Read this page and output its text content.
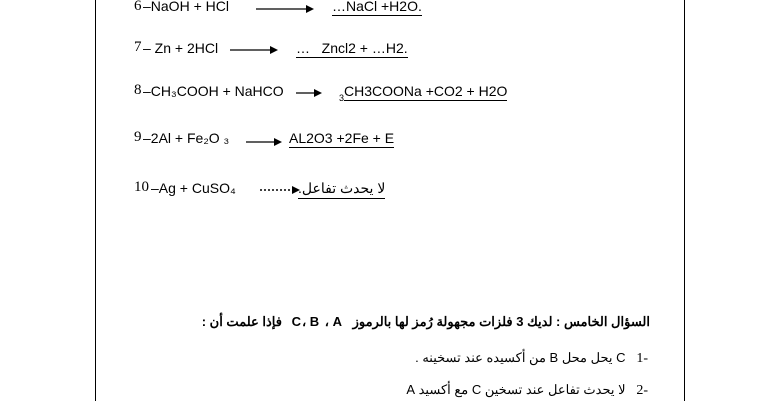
6 –NaOH + HCl	…NaCl +H2O.
7 – Zn + 2HCl	… Zncl2 + …H2.
8 –CH₃COOH + NaHCO	$_3$CH3COONa +CO2 + H2O
9 –2Al + Fe₂O ₃	AL2O3 +2Fe + E
10 –Ag + CuSO₄	لا يحدث تفاعل.
السؤال الخامس : لديك 3 فلزات مجهولة رُمز لها بالرموز C، B ، A فإذا علمت أن :
-1   C يحل محل B من أكسيده عند تسخينه .
-2   لا يحدث تفاعل عند تسخين C مع أكسيد A
